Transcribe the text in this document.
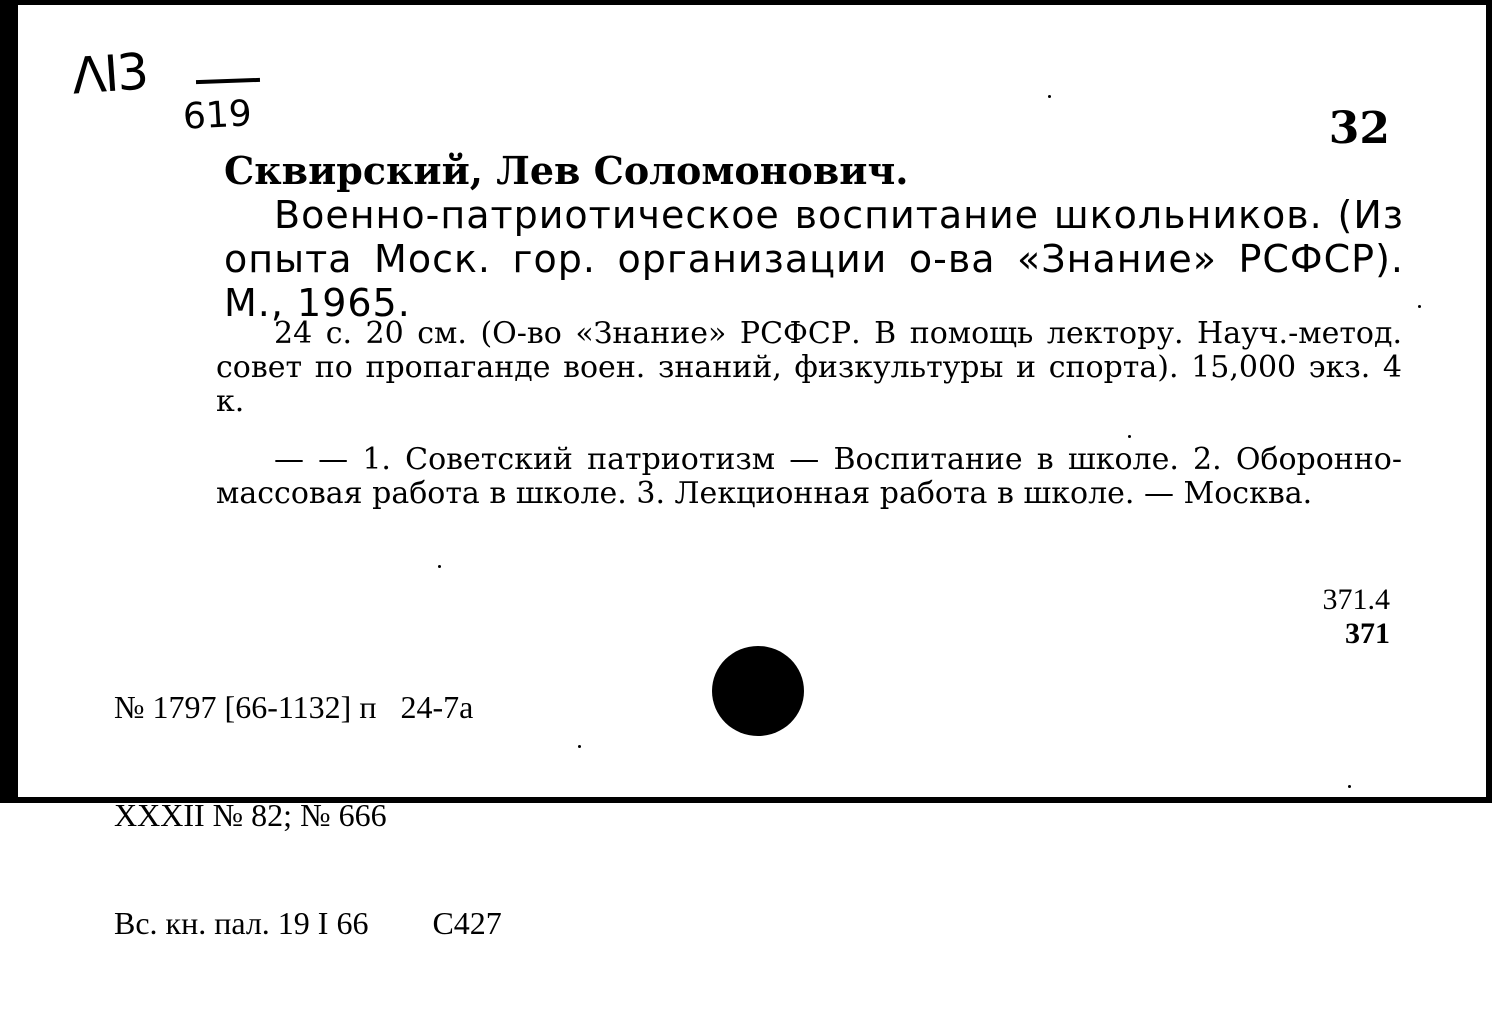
ΛI3
619	32
Сквирский, Лев Соломонович.
Военно-патриотическое воспитание школьников. (Из опыта Моск. гор. организации о-ва «Знание» РСФСР). М., 1965.
24 с. 20 см. (О-во «Знание» РСФСР. В помощь лектору. Науч.-метод. совет по пропаганде воен. знаний, физкультуры и спорта). 15,000 экз. 4 к.
— — 1. Советский патриотизм — Воспитание в школе. 2. Оборонно-массовая работа в школе. 3. Лекционная работа в школе. — Москва.
371.4
371

№ 1797 [66-1132] п   24-7а

XXXII № 82; № 666

Вс. кн. пал. 19 I 66        С427
